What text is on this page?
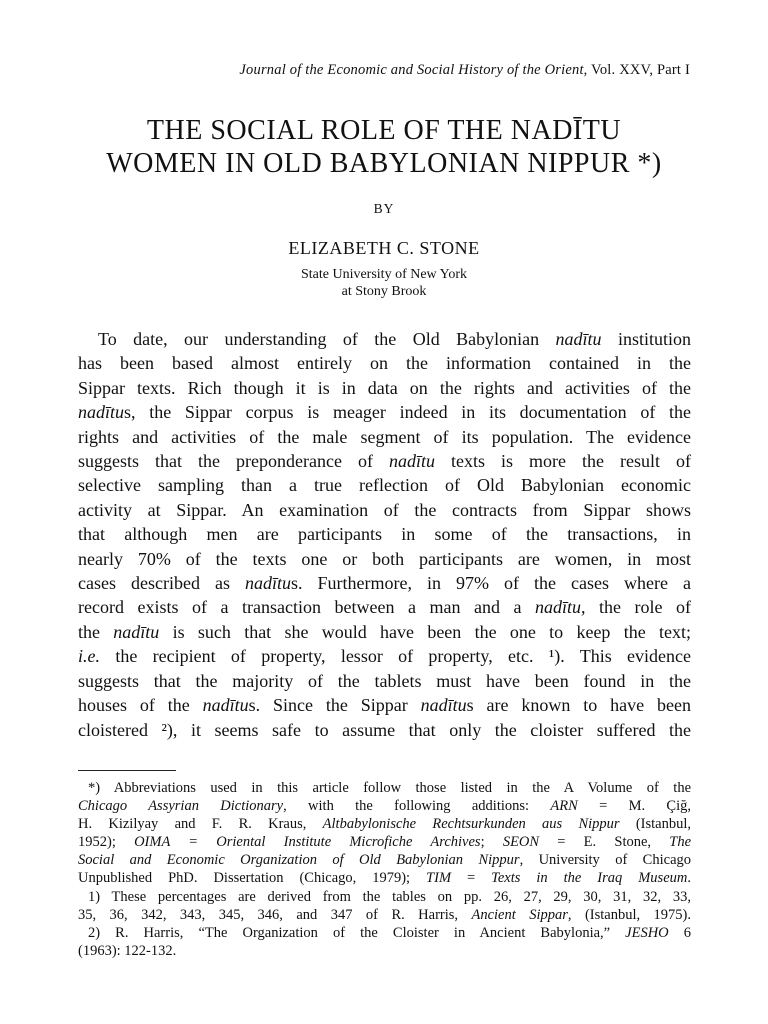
Journal of the Economic and Social History of the Orient, Vol. XXV, Part I
THE SOCIAL ROLE OF THE NADĪTU
WOMEN IN OLD BABYLONIAN NIPPUR *)
BY
ELIZABETH C. STONE
State University of New York
at Stony Brook
To date, our understanding of the Old Babylonian nadītu institution
has been based almost entirely on the information contained in the
Sippar texts. Rich though it is in data on the rights and activities of the
nadītus, the Sippar corpus is meager indeed in its documentation of the
rights and activities of the male segment of its population. The evidence
suggests that the preponderance of nadītu texts is more the result of
selective sampling than a true reflection of Old Babylonian economic
activity at Sippar. An examination of the contracts from Sippar shows
that although men are participants in some of the transactions, in
nearly 70% of the texts one or both participants are women, in most
cases described as nadītus. Furthermore, in 97% of the cases where a
record exists of a transaction between a man and a nadītu, the role of
the nadītu is such that she would have been the one to keep the text;
i.e. the recipient of property, lessor of property, etc. ¹). This evidence
suggests that the majority of the tablets must have been found in the
houses of the nadītus. Since the Sippar nadītus are known to have been
cloistered ²), it seems safe to assume that only the cloister suffered the
*) Abbreviations used in this article follow those listed in the A Volume of the
Chicago Assyrian Dictionary, with the following additions: ARN = M. Çiğ,
H. Kizilyay and F. R. Kraus, Altbabylonische Rechtsurkunden aus Nippur (Istanbul,
1952); OIMA = Oriental Institute Microfiche Archives; SEON = E. Stone, The
Social and Economic Organization of Old Babylonian Nippur, University of Chicago
Unpublished PhD. Dissertation (Chicago, 1979); TIM = Texts in the Iraq Museum.
1) These percentages are derived from the tables on pp. 26, 27, 29, 30, 31, 32, 33,
35, 36, 342, 343, 345, 346, and 347 of R. Harris, Ancient Sippar, (Istanbul, 1975).
2) R. Harris, “The Organization of the Cloister in Ancient Babylonia,” JESHO 6
(1963): 122-132.
